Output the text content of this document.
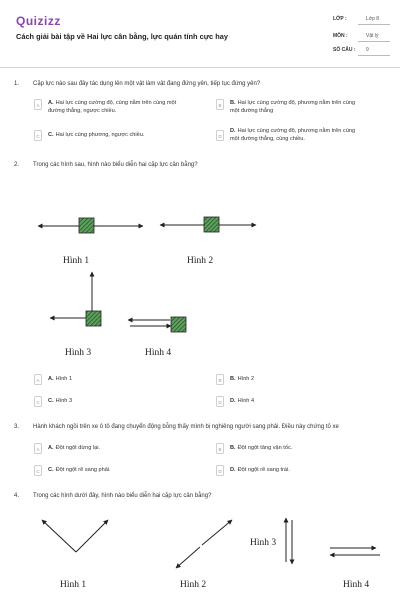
Quizizz
Cách giải bài tập về Hai lực cân bằng, lực quán tính cực hay
LỚP :	Lớp 8
MÔN :	Vật lý
SỐ CÂU : 9
1. Cặp lực nào sau đây tác dụng lên một vật làm vật đang đứng yên, tiếp tục đứng yên?
A	A. Hai lực cùng cường độ, cùng nằm trên cùng một
đường thẳng, ngược chiều.
B	B. Hai lực cùng cường độ, phương nằm trên cùng
một đường thẳng
C	C. Hai lực cùng phương, ngược chiều.	D
D. Hai lực cùng cường độ, phương nằm trên cùng
một đường thẳng, cùng chiều.
2. Trong các hình sau, hình nào biểu diễn hai cặp lực cân bằng?
Hình 1	Hình 2
Hình 3	Hình 4
A	A. Hình 1	B	B. Hình 2
C	C. Hình 3	D	D. Hình 4
3. Hành khách ngồi trên xe ô tô đang chuyển động bỗng thấy mình bị nghiêng người sang phải. Điều này chứng tỏ xe
A	A. Đột ngột dừng lại.	B	B. Đột ngột tăng vận tốc.
C	C. Đột ngột rẽ sang phải.	D	D. Đột ngột rẽ sang trái.
4. Trong các hình dưới đây, hình nào biểu diễn hai cặp lực cân bằng?
Hình 1	Hình 2
Hình 3
Hình 4
